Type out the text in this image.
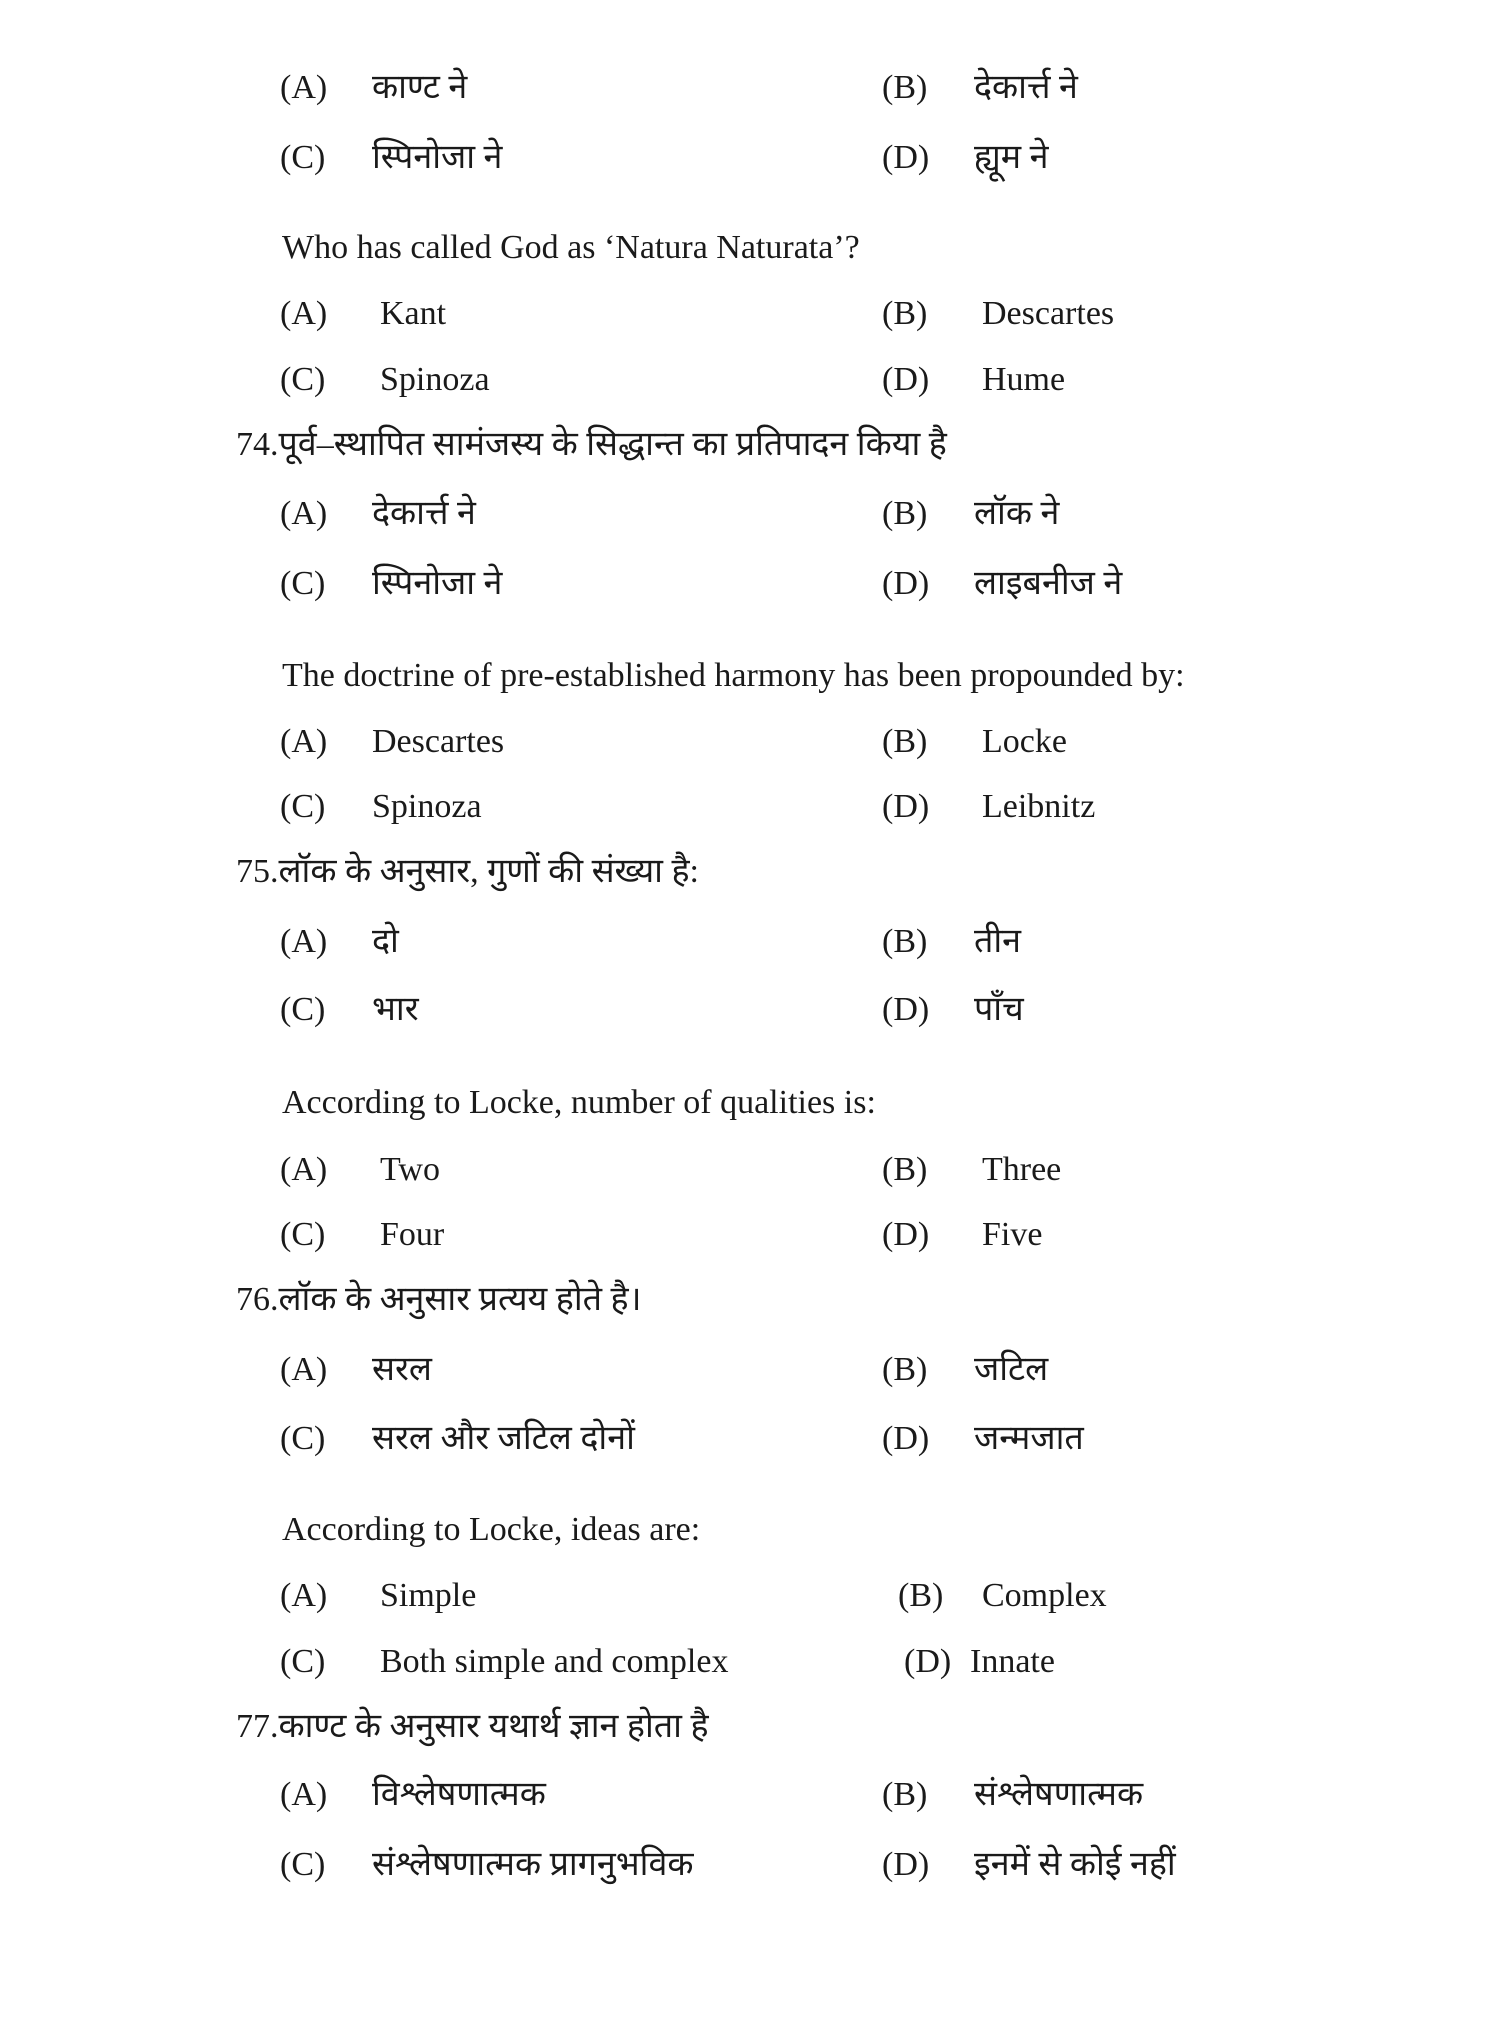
(A) काण्ट ने	(B) देकार्त्त ने
(C) स्पिनोजा ने	(D) ह्यूम ने
Who has called God as ‘Natura Naturata’?
(A) Kant	(B) Descartes
(C) Spinoza	(D) Hume
74.पूर्व–स्थापित सामंजस्य के सिद्धान्त का प्रतिपादन किया है
(A) देकार्त्त ने	(B) लॉक ने
(C) स्पिनोजा ने	(D) लाइबनीज ने
The doctrine of pre-established harmony has been propounded by:
(A) Descartes	(B) Locke
(C) Spinoza	(D) Leibnitz
75.लॉक के अनुसार, गुणों की संख्या है:
(A) दो	(B) तीन
(C) भार	(D) पाँच
According to Locke, number of qualities is:
(A) Two	(B) Three
(C) Four	(D) Five
76.लॉक के अनुसार प्रत्यय होते है।
(A) सरल	(B) जटिल
(C) सरल और जटिल दोनों	(D) जन्मजात
According to Locke, ideas are:
(A) Simple	(B) Complex
(C) Both simple and complex	(D) Innate
77.काण्ट के अनुसार यथार्थ ज्ञान होता है
(A) विश्लेषणात्मक	(B) संश्लेषणात्मक
(C) संश्लेषणात्मक प्रागनुभविक	(D) इनमें से कोई नहीं
